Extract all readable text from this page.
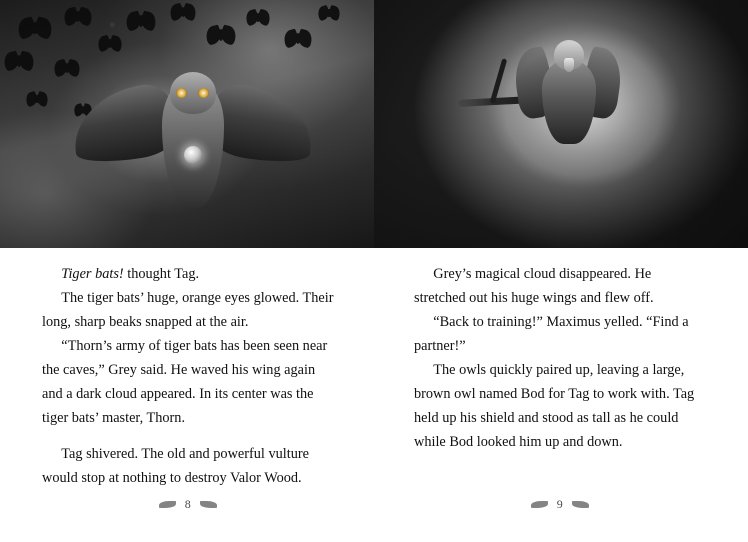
Tiger bats! thought Tag.

The tiger bats’ huge, orange eyes glowed. Their long, sharp beaks snapped at the air.

“Thorn’s army of tiger bats has been seen near the caves,” Grey said. He waved his wing again and a dark cloud appeared. In its center was the tiger bats’ master, Thorn.

Tag shivered. The old and powerful vulture would stop at nothing to destroy Valor Wood.

Grey’s magical cloud disappeared. He stretched out his huge wings and flew off.

“Back to training!” Maximus yelled. “Find a partner!”

The owls quickly paired up, leaving a large, brown owl named Bod for Tag to work with. Tag held up his shield and stood as tall as he could while Bod looked him up and down.

8	9
